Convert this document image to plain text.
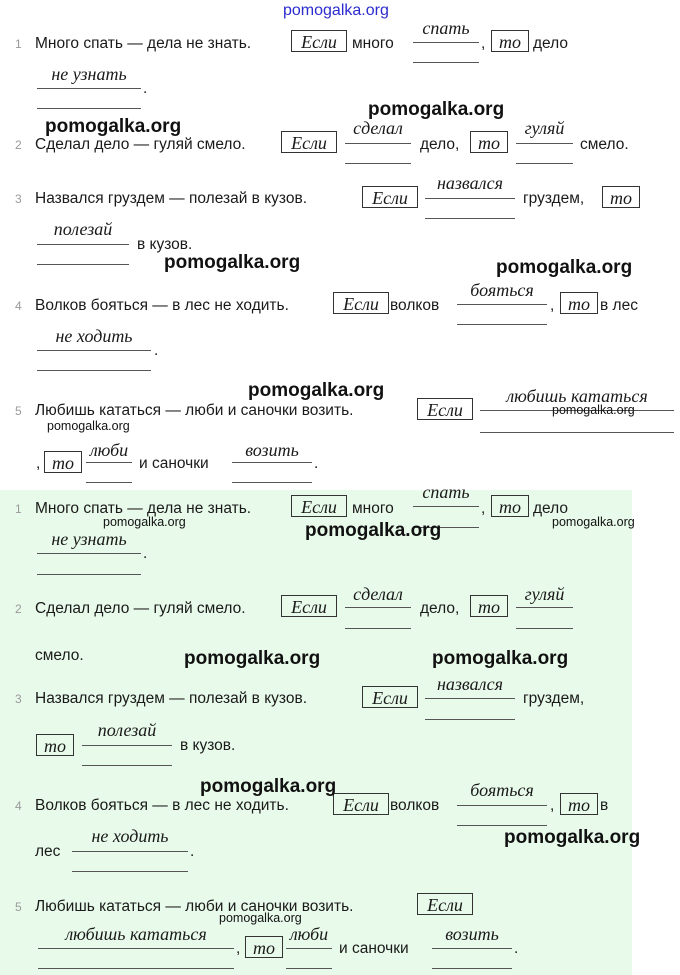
pomogalka.org
1 Много спать — дела не знать.	Если много
спать
, то дело
не узнать
.
2 Сделал дело — гуляй смело.	Если
сделал
дело,	то
гуляй
смело.
3 Назвался груздем — полезай в кузов.	Если
назвался
груздем,	то
полезай
в кузов.
4 Волков бояться — в лес не ходить.	Если волков
бояться
, то в лес
не ходить
.
5 Любишь кататься — люби и саночки возить.	Если
любишь кататься
, то
люби
и саночки
возить
.
1 Много спать — дела не знать.	Если много
спать
, то дело
не узнать
.
2 Сделал дело — гуляй смело.	Если
сделал
дело,	то
гуляй
смело.
3 Назвался груздем — полезай в кузов.	Если
назвался
груздем,
то
полезай
в кузов.
4 Волков бояться — в лес не ходить.	Если волков
бояться
, то в
лес
не ходить
.
5 Любишь кататься — люби и саночки возить.	Если
любишь кататься
, то
люби
и саночки
возить
.
pomogalka.org
pomogalka.org
pomogalka.org	pomogalka.org
pomogalka.org
pomogalka.org
pomogalka.org
pomogalka.org	pomogalka.org	pomogalka.org
pomogalka.org	pomogalka.org
pomogalka.org
pomogalka.org
pomogalka.org
